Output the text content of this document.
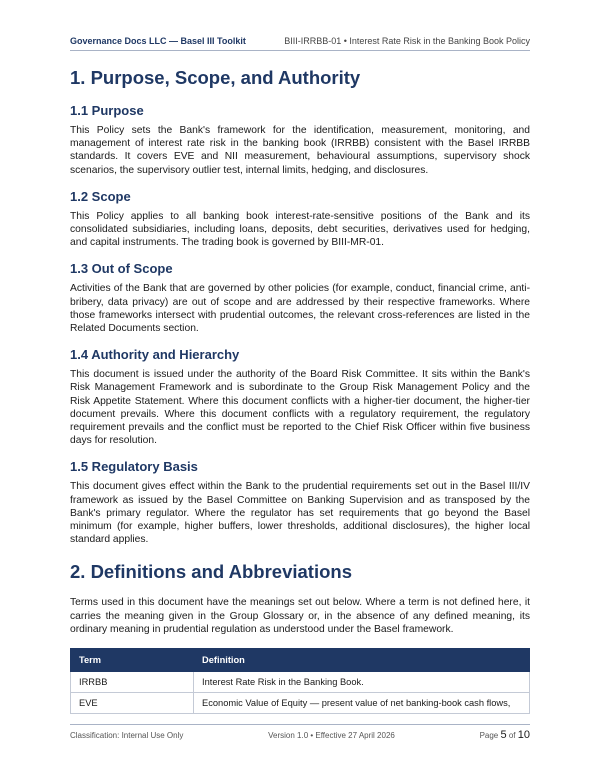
Governance Docs LLC — Basel III Toolkit	BIII-IRRBB-01 • Interest Rate Risk in the Banking Book Policy
1. Purpose, Scope, and Authority
1.1 Purpose

This Policy sets the Bank's framework for the identification, measurement, monitoring, and management of interest rate risk in the banking book (IRRBB) consistent with the Basel IRRBB standards. It covers EVE and NII measurement, behavioural assumptions, supervisory shock scenarios, the supervisory outlier test, internal limits, hedging, and disclosures.

1.2 Scope

This Policy applies to all banking book interest-rate-sensitive positions of the Bank and its consolidated subsidiaries, including loans, deposits, debt securities, derivatives used for hedging, and capital instruments. The trading book is governed by BIII-MR-01.

1.3 Out of Scope

Activities of the Bank that are governed by other policies (for example, conduct, financial crime, anti-bribery, data privacy) are out of scope and are addressed by their respective frameworks. Where those frameworks intersect with prudential outcomes, the relevant cross-references are listed in the Related Documents section.

1.4 Authority and Hierarchy

This document is issued under the authority of the Board Risk Committee. It sits within the Bank's Risk Management Framework and is subordinate to the Group Risk Management Policy and the Risk Appetite Statement. Where this document conflicts with a higher-tier document, the higher-tier document prevails. Where this document conflicts with a regulatory requirement, the regulatory requirement prevails and the conflict must be reported to the Chief Risk Officer within five business days for resolution.

1.5 Regulatory Basis

This document gives effect within the Bank to the prudential requirements set out in the Basel III/IV framework as issued by the Basel Committee on Banking Supervision and as transposed by the Bank's primary regulator. Where the regulator has set requirements that go beyond the Basel minimum (for example, higher buffers, lower thresholds, additional disclosures), the higher local standard applies.

2. Definitions and Abbreviations

Terms used in this document have the meanings set out below. Where a term is not defined here, it carries the meaning given in the Group Glossary or, in the absence of any defined meaning, its ordinary meaning in prudential regulation as understood under the Basel framework.

Term	Definition
IRRBB	Interest Rate Risk in the Banking Book.
EVE	Economic Value of Equity — present value of net banking-book cash flows,
Classification: Internal Use Only	Version 1.0 • Effective 27 April 2026	Page 5 of 10
